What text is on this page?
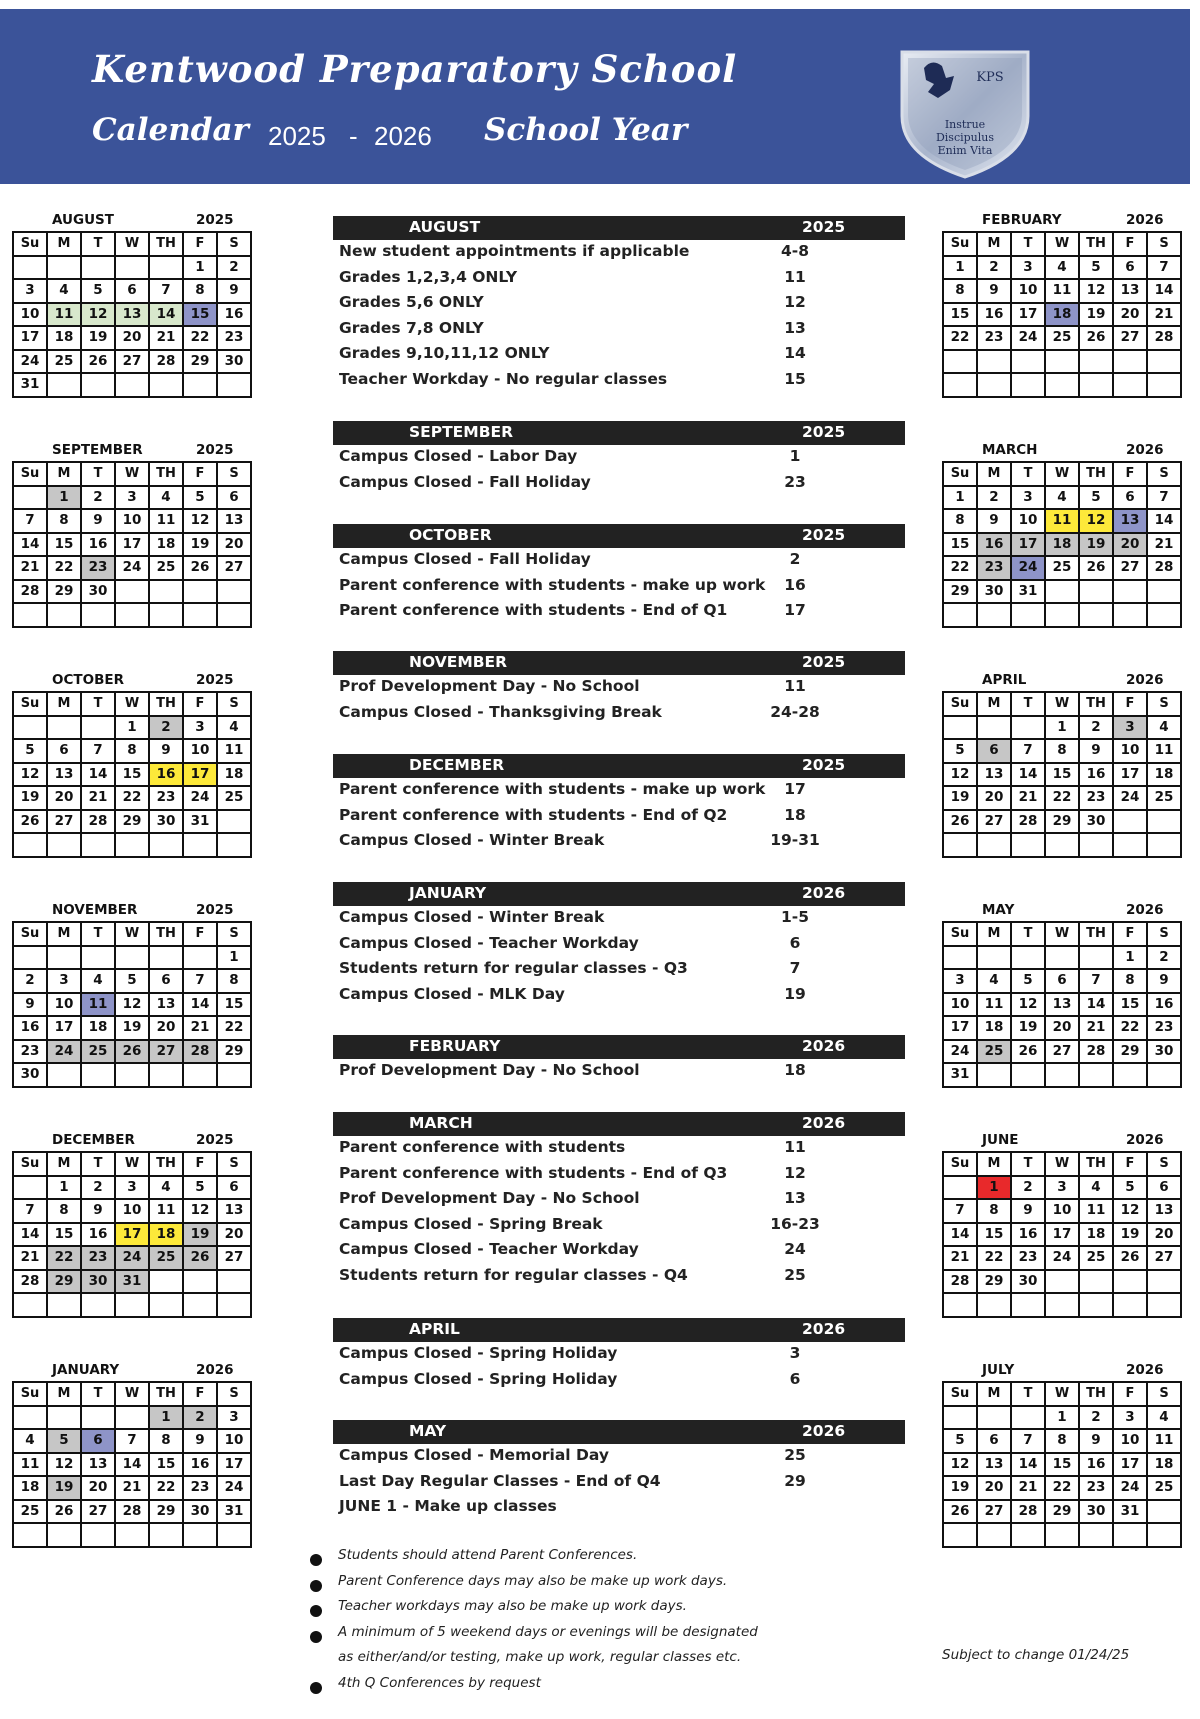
Kentwood Preparatory School
Calendar 2025 - 2026 School Year
KPS
Instrue
Discipulus
Enim Vita
AUGUST	2025
Su	M	T	W	TH	F	S
					1	2
3	4	5	6	7	8	9
10	11	12	13	14	15	16
17	18	19	20	21	22	23
24	25	26	27	28	29	30
31						
SEPTEMBER	2025
Su	M	T	W	TH	F	S
	1	2	3	4	5	6
7	8	9	10	11	12	13
14	15	16	17	18	19	20
21	22	23	24	25	26	27
28	29	30				

OCTOBER	2025
Su	M	T	W	TH	F	S
			1	2	3	4
5	6	7	8	9	10	11
12	13	14	15	16	17	18
19	20	21	22	23	24	25
26	27	28	29	30	31	

NOVEMBER	2025
Su	M	T	W	TH	F	S
						1
2	3	4	5	6	7	8
9	10	11	12	13	14	15
16	17	18	19	20	21	22
23	24	25	26	27	28	29
30						
DECEMBER	2025
Su	M	T	W	TH	F	S
	1	2	3	4	5	6
7	8	9	10	11	12	13
14	15	16	17	18	19	20
21	22	23	24	25	26	27
28	29	30	31			

JANUARY	2026
Su	M	T	W	TH	F	S
				1	2	3
4	5	6	7	8	9	10
11	12	13	14	15	16	17
18	19	20	21	22	23	24
25	26	27	28	29	30	31

FEBRUARY	2026
Su	M	T	W	TH	F	S
1	2	3	4	5	6	7
8	9	10	11	12	13	14
15	16	17	18	19	20	21
22	23	24	25	26	27	28

MARCH	2026
Su	M	T	W	TH	F	S
1	2	3	4	5	6	7
8	9	10	11	12	13	14
15	16	17	18	19	20	21
22	23	24	25	26	27	28
29	30	31				

APRIL	2026
Su	M	T	W	TH	F	S
			1	2	3	4
5	6	7	8	9	10	11
12	13	14	15	16	17	18
19	20	21	22	23	24	25
26	27	28	29	30		

MAY	2026
Su	M	T	W	TH	F	S
					1	2
3	4	5	6	7	8	9
10	11	12	13	14	15	16
17	18	19	20	21	22	23
24	25	26	27	28	29	30
31						
JUNE	2026
Su	M	T	W	TH	F	S
	1	2	3	4	5	6
7	8	9	10	11	12	13
14	15	16	17	18	19	20
21	22	23	24	25	26	27
28	29	30				

JULY	2026
Su	M	T	W	TH	F	S
			1	2	3	4
5	6	7	8	9	10	11
12	13	14	15	16	17	18
19	20	21	22	23	24	25
26	27	28	29	30	31	

AUGUST	2025
New student appointments if applicable	4-8
Grades 1,2,3,4 ONLY	11
Grades 5,6 ONLY	12
Grades 7,8 ONLY	13
Grades 9,10,11,12 ONLY	14
Teacher Workday - No regular classes	15
SEPTEMBER	2025
Campus Closed - Labor Day	1
Campus Closed - Fall Holiday	23
OCTOBER	2025
Campus Closed - Fall Holiday	2
Parent conference with students - make up work	16
Parent conference with students - End of Q1	17
NOVEMBER	2025
Prof Development Day - No School	11
Campus Closed - Thanksgiving Break	24-28
DECEMBER	2025
Parent conference with students - make up work	17
Parent conference with students - End of Q2	18
Campus Closed - Winter Break	19-31
JANUARY	2026
Campus Closed - Winter Break	1-5
Campus Closed - Teacher Workday	6
Students return for regular classes - Q3	7
Campus Closed - MLK Day	19
FEBRUARY	2026
Prof Development Day - No School	18
MARCH	2026
Parent conference with students	11
Parent conference with students - End of Q3	12
Prof Development Day - No School	13
Campus Closed - Spring Break	16-23
Campus Closed - Teacher Workday	24
Students return for regular classes - Q4	25
APRIL	2026
Campus Closed - Spring Holiday	3
Campus Closed - Spring Holiday	6
MAY	2026
Campus Closed - Memorial Day	25
Last Day Regular Classes - End of Q4	29
JUNE 1 - Make up classes
Students should attend Parent Conferences.
Parent Conference days may also be make up work days.
Teacher workdays may also be make up work days.
A minimum of 5 weekend days or evenings will be designated
as either/and/or testing, make up work, regular classes etc.
4th Q Conferences by request
Subject to change 01/24/25
